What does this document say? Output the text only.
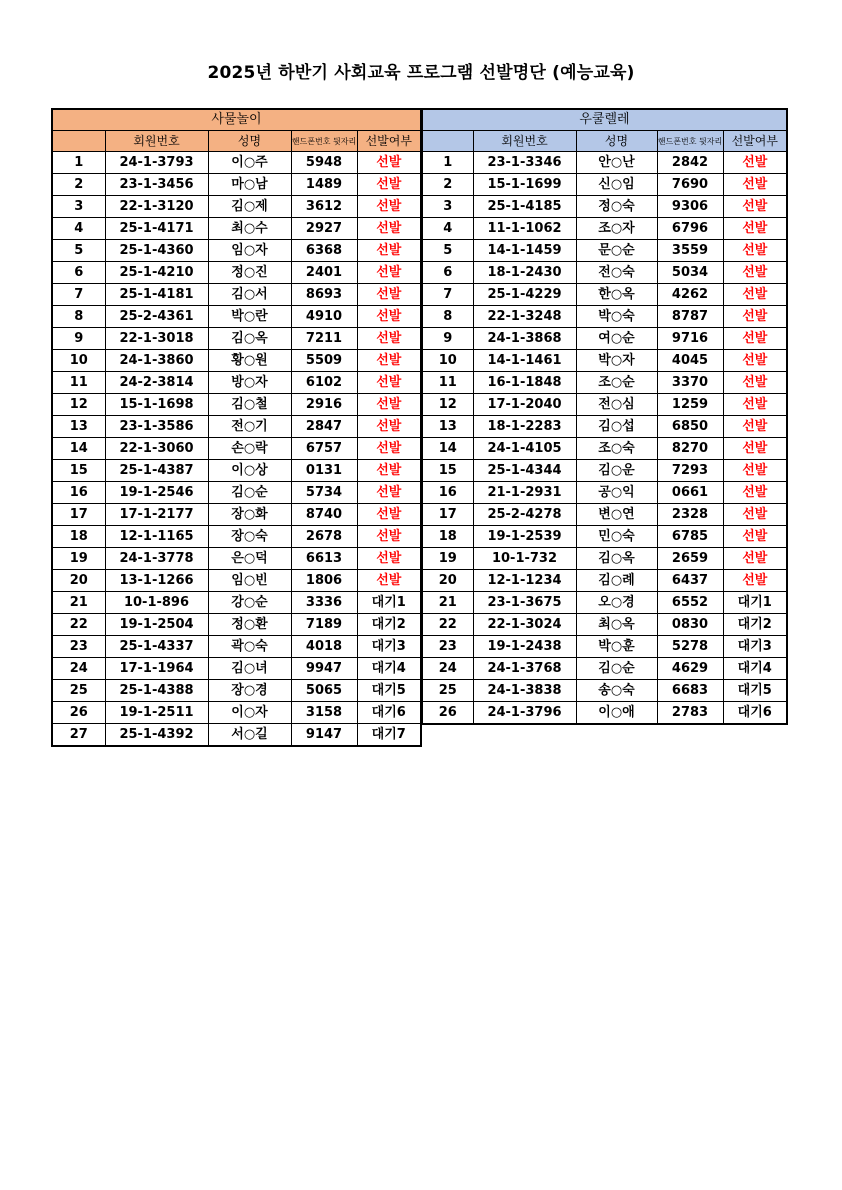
2025년 하반기 사회교육 프로그램 선발명단 (예능교육)
사물놀이				
	회원번호	성명	핸드폰번호 뒷자리	선발여부
1	24-1-3793	이○주	5948	선발
2	23-1-3456	마○남	1489	선발
3	22-1-3120	김○제	3612	선발
4	25-1-4171	최○수	2927	선발
5	25-1-4360	임○자	6368	선발
6	25-1-4210	정○진	2401	선발
7	25-1-4181	김○서	8693	선발
8	25-2-4361	박○란	4910	선발
9	22-1-3018	김○옥	7211	선발
10	24-1-3860	황○원	5509	선발
11	24-2-3814	방○자	6102	선발
12	15-1-1698	김○철	2916	선발
13	23-1-3586	전○기	2847	선발
14	22-1-3060	손○락	6757	선발
15	25-1-4387	이○상	0131	선발
16	19-1-2546	김○순	5734	선발
17	17-1-2177	장○화	8740	선발
18	12-1-1165	장○숙	2678	선발
19	24-1-3778	은○덕	6613	선발
20	13-1-1266	임○빈	1806	선발
21	10-1-896	강○순	3336	대기1
22	19-1-2504	정○환	7189	대기2
23	25-1-4337	곽○숙	4018	대기3
24	17-1-1964	김○녀	9947	대기4
25	25-1-4388	장○경	5065	대기5
26	19-1-2511	이○자	3158	대기6
27	25-1-4392	서○길	9147	대기7
우쿨렐레				
	회원번호	성명	핸드폰번호 뒷자리	선발여부
1	23-1-3346	안○난	2842	선발
2	15-1-1699	신○임	7690	선발
3	25-1-4185	정○숙	9306	선발
4	11-1-1062	조○자	6796	선발
5	14-1-1459	문○순	3559	선발
6	18-1-2430	전○숙	5034	선발
7	25-1-4229	한○옥	4262	선발
8	22-1-3248	박○숙	8787	선발
9	24-1-3868	여○순	9716	선발
10	14-1-1461	박○자	4045	선발
11	16-1-1848	조○순	3370	선발
12	17-1-2040	전○심	1259	선발
13	18-1-2283	김○섭	6850	선발
14	24-1-4105	조○숙	8270	선발
15	25-1-4344	김○운	7293	선발
16	21-1-2931	공○익	0661	선발
17	25-2-4278	변○연	2328	선발
18	19-1-2539	민○숙	6785	선발
19	10-1-732	김○옥	2659	선발
20	12-1-1234	김○례	6437	선발
21	23-1-3675	오○경	6552	대기1
22	22-1-3024	최○옥	0830	대기2
23	19-1-2438	박○훈	5278	대기3
24	24-1-3768	김○순	4629	대기4
25	24-1-3838	송○숙	6683	대기5
26	24-1-3796	이○애	2783	대기6
